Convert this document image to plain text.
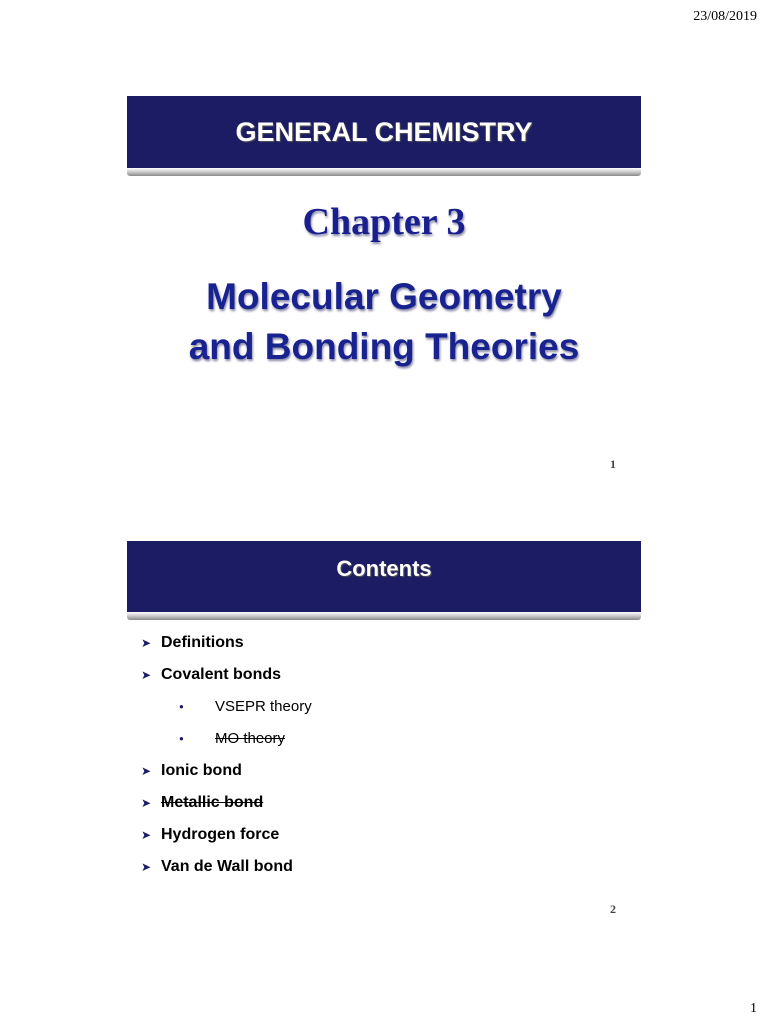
23/08/2019
GENERAL CHEMISTRY
Chapter 3
Molecular Geometry
and Bonding Theories
1
Contents
➤ Definitions
➤ Covalent bonds
● VSEPR theory
● MO theory
➤ Ionic bond
➤ Metallic bond
➤ Hydrogen force
➤ Van de Wall bond
2
1
